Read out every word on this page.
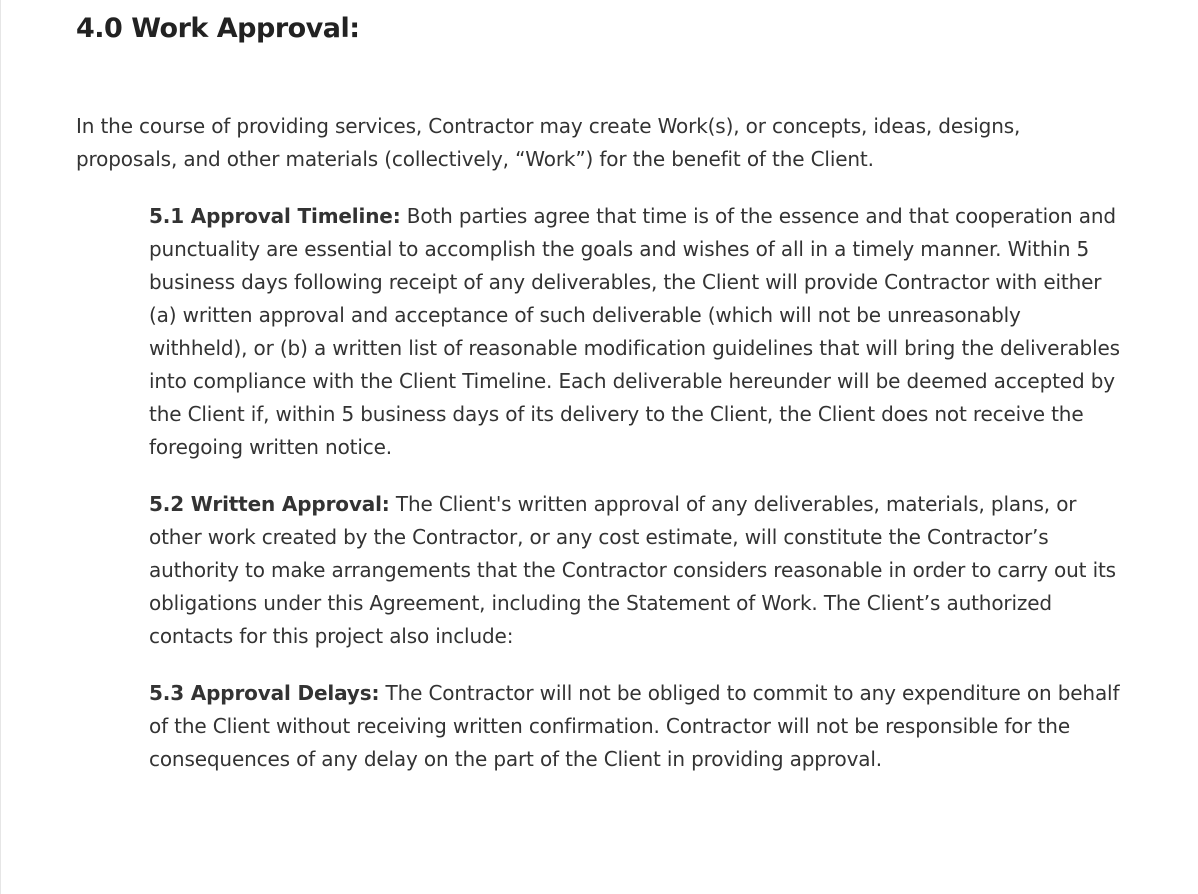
4.0 Work Approval:

In the course of providing services, Contractor may create Work(s), or concepts, ideas, designs, proposals, and other materials (collectively, “Work”) for the benefit of the Client.

5.1 Approval Timeline: Both parties agree that time is of the essence and that cooperation and punctuality are essential to accomplish the goals and wishes of all in a timely manner. Within 5 business days following receipt of any deliverables, the Client will provide Contractor with either (a) written approval and acceptance of such deliverable (which will not be unreasonably withheld), or (b) a written list of reasonable modification guidelines that will bring the deliverables into compliance with the Client Timeline. Each deliverable hereunder will be deemed accepted by the Client if, within 5 business days of its delivery to the Client, the Client does not receive the foregoing written notice.

5.2 Written Approval: The Client's written approval of any deliverables, materials, plans, or other work created by the Contractor, or any cost estimate, will constitute the Contractor’s authority to make arrangements that the Contractor considers reasonable in order to carry out its obligations under this Agreement, including the Statement of Work. The Client’s authorized contacts for this project also include:

5.3 Approval Delays: The Contractor will not be obliged to commit to any expenditure on behalf of the Client without receiving written confirmation. Contractor will not be responsible for the consequences of any delay on the part of the Client in providing approval.
